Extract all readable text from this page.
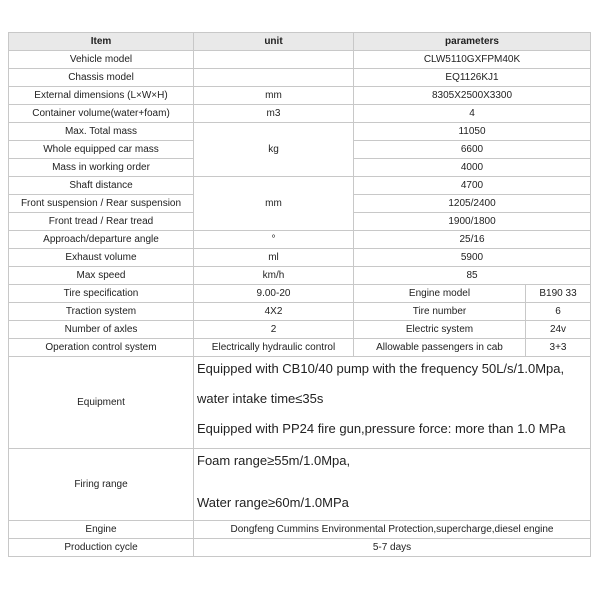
Item	unit	parameters	
Vehicle model		CLW5110GXFPM40K	
Chassis model		EQ1126KJ1	
External dimensions (L×W×H)	mm	8305X2500X3300	
Container volume(water+foam)	m3	4	
Max. Total mass	kg	11050	
Whole equipped car mass		6600	
Mass in working order		4000	
Shaft distance	mm	4700	
Front suspension / Rear suspension		1205/2400	
Front tread / Rear tread		1900/1800	
Approach/departure angle	°	25/16	
Exhaust volume	ml	5900	
Max speed	km/h	85	
Tire specification	9.00-20	Engine model	B190 33
Traction system	4X2	Tire number	6
Number of axles	2	Electric system	24v
Operation control system	Electrically hydraulic control	Allowable passengers in cab	3+3
Equipment	Equipped with CB10/40 pump with the frequency 50L/s/1.0Mpa,

water intake time≤35s

Equipped with PP24 fire gun,pressure force: more than 1.0 MPa		

Firing range	Foam range≥55m/1.0Mpa,

Water range≥60m/1.0MPa		

Engine	Dongfeng Cummins Environmental Protection,supercharge,diesel engine		
Production cycle	5-7 days		
